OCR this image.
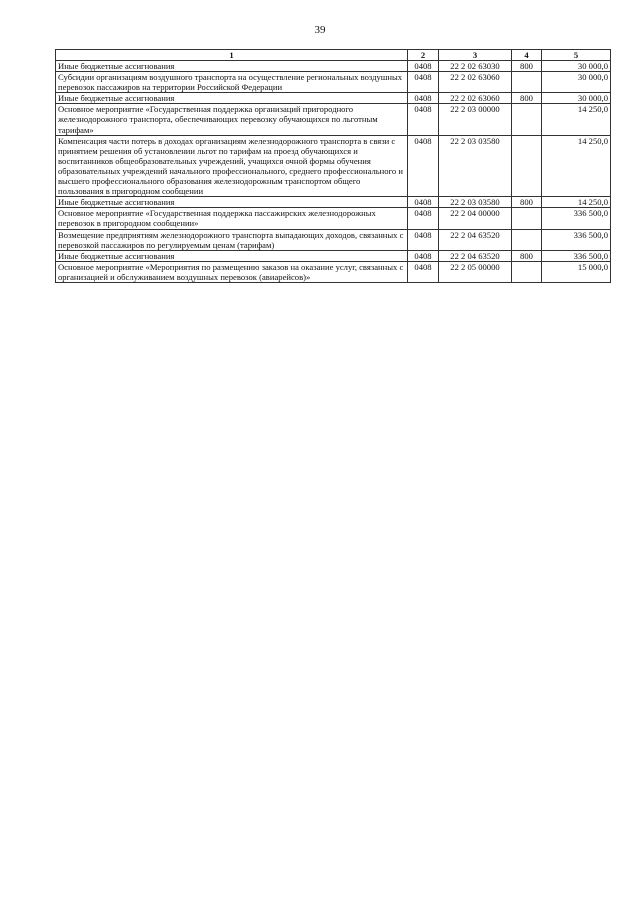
39
1	2	3	4	5
Иные бюджетные ассигнования	0408	22 2 02 63030	800	30 000,0
Субсидии организациям воздушного транспорта на осуществление региональных воздушных перевозок пассажиров на территории Российской Федерации	0408	22 2 02 63060		30 000,0
Иные бюджетные ассигнования	0408	22 2 02 63060	800	30 000,0
Основное мероприятие «Государственная поддержка организаций пригородного железнодорожного транспорта, обеспечивающих перевозку обучающихся по льготным тарифам»	0408	22 2 03 00000		14 250,0
Компенсация части потерь в доходах организациям железнодорожного транспорта в связи с принятием решения об установлении льгот по тарифам на проезд обучающихся и воспитанников общеобразовательных учреждений, учащихся очной формы обучения образовательных учреждений начального профессионального, среднего профессионального и высшего профессионального образования железнодорожным транспортом общего пользования в пригородном сообщении	0408	22 2 03 03580		14 250,0
Иные бюджетные ассигнования	0408	22 2 03 03580	800	14 250,0
Основное мероприятие «Государственная поддержка пассажирских железнодорожных перевозок в пригородном сообщении»	0408	22 2 04 00000		336 500,0
Возмещение предприятиям железнодорожного транспорта выпадающих доходов, связанных с перевозкой пассажиров по регулируемым ценам (тарифам)	0408	22 2 04 63520		336 500,0
Иные бюджетные ассигнования	0408	22 2 04 63520	800	336 500,0
Основное мероприятие «Мероприятия по размещению заказов на оказание услуг, связанных с организацией и обслуживанием воздушных перевозок (авиарейсов)»	0408	22 2 05 00000		15 000,0
